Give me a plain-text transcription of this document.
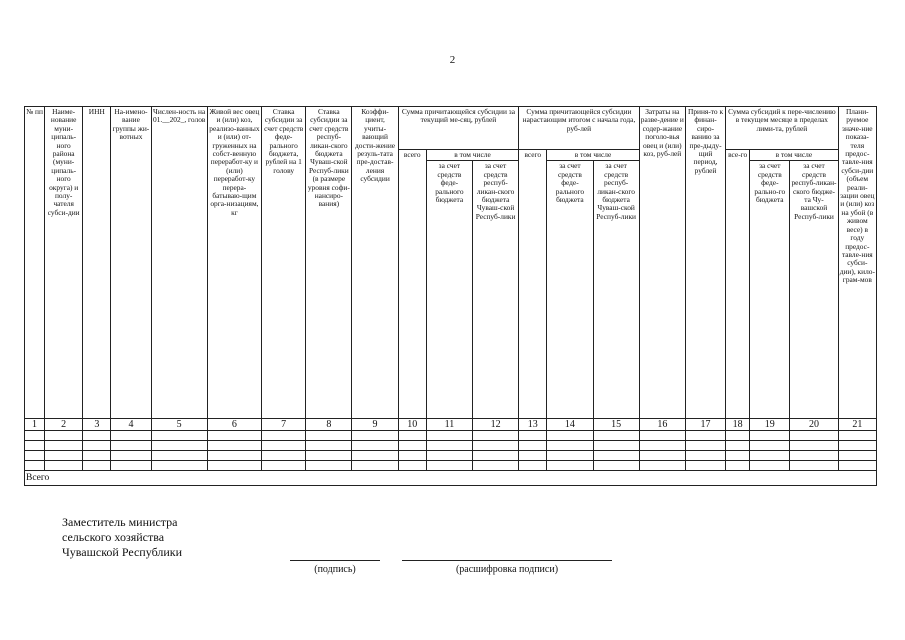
2
№ пп	Наиме-нование муни-ципаль-ного района (муни-ципаль-ного округа) и полу-чателя субси-дии	ИНН	На-имено-вание группы жи-вотных	Числен-ность на 01.__202_, голов	Живой вес овец и (или) коз, реализо-ванных и (или) от-груженных на собст-венную переработ-ку и (или) переработ-ку перера-батываю-щим орга-низациям, кг	Ставка субсидии за счет средств феде-рального бюджета, рублей на 1 голову	Ставка субсидии за счет средств респуб-ликан-ского бюджета Чуваш-ской Респуб-лики (в размере уровня софи-нансиро-вания)	Коэффи-циент, учиты-вающий дости-жение резуль-тата пре-достав-ления субсидии	Сумма причитающейся субсидии за текущий ме-сяц, рублей			Сумма причитающейся субсидии нарастающим итогом с начала года, руб-лей			Затраты на разве-дение и содер-жание поголо-вья овец и (или) коз, руб-лей	Приня-то к финан-сиро-ванию за пре-дыду-щий период, рублей	Сумма субсидий к пере-числению в текущем месяце в пределах лими-та, рублей			Плани-руемое значе-ние показа-теля предос-тавле-ния субси-дии (объем реали-зации овец и (или) коз на убой (в живом весе) в году предос-тавле-ния субси-дии), кило-грам-мов
									всего	в том числе		всего	в том числе				все-го	в том числе		
										за счет средств феде-рального бюджета	за счет средств респуб-ликан-ского бюджета Чуваш-ской Респуб-лики		за счет средств феде-рального бюджета	за счет средств респуб-ликан-ского бюджета Чуваш-ской Респуб-лики				за счет средств феде-рально-го бюджета	за счет средств респуб-ликан-ского бюдже-та Чу-вашской Респуб-лики	
1	2	3	4	5	6	7	8	9	10	11	12	13	14	15	16	17	18	19	20	21

Всего																				
Заместитель министра
сельского хозяйства
Чувашской Республики
(подпись)	(расшифровка подписи)
